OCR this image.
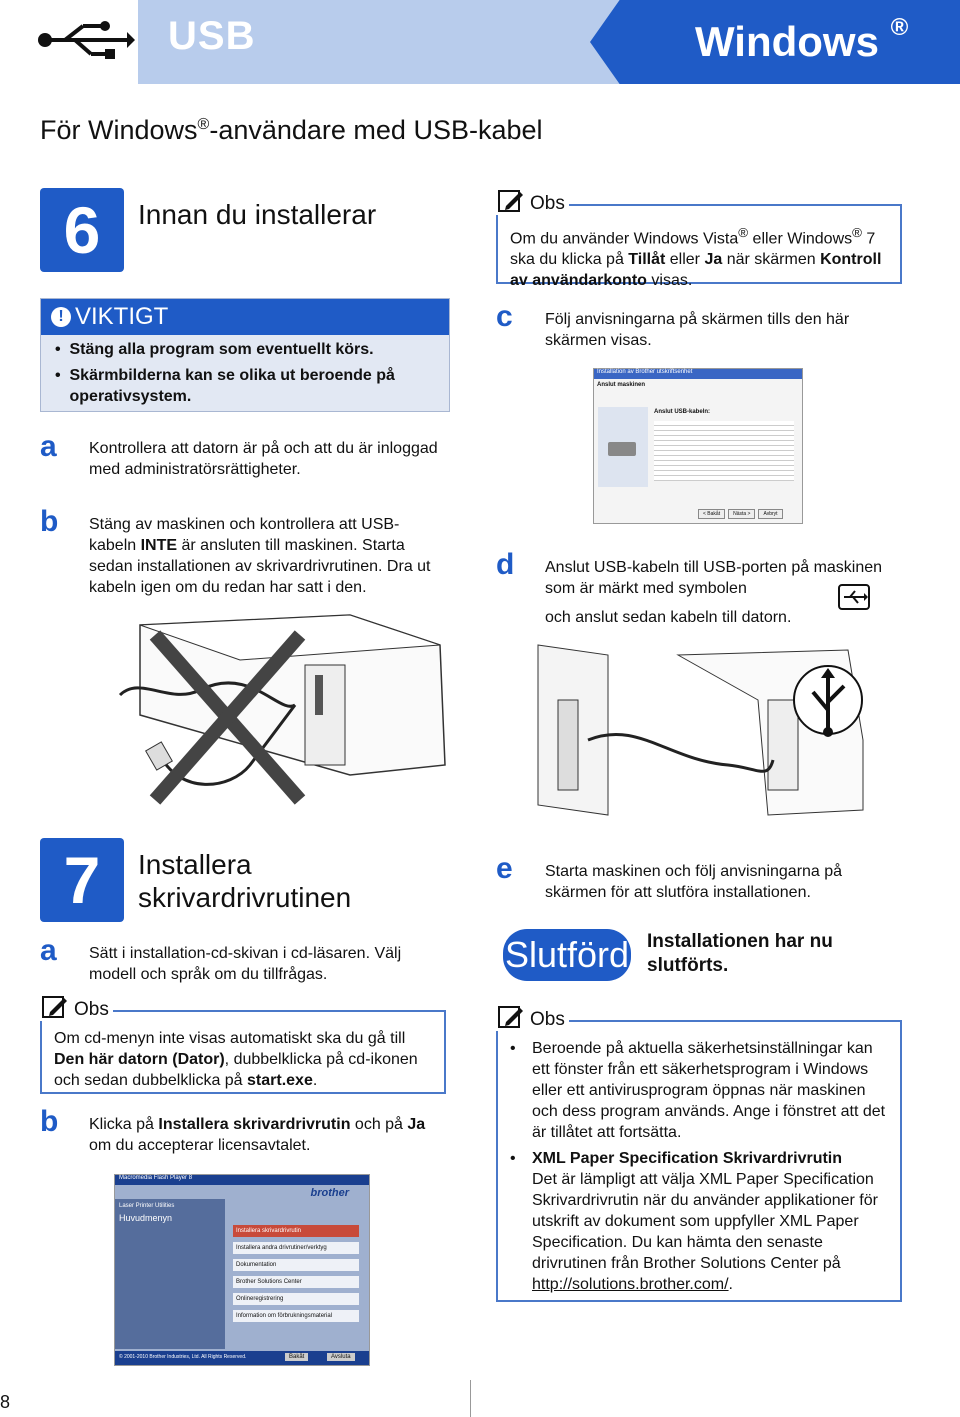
USB	Windows ®
För Windows®-användare med USB-kabel
6	Innan du installerar
! VIKTIGT
•  Stäng alla program som eventuellt körs.
• Skärmbilderna kan se olika ut beroende på operativsystem.
a Kontrollera att datorn är på och att du är inloggad med administratörsrättigheter.
b Stäng av maskinen och kontrollera att USB-kabeln INTE är ansluten till maskinen. Starta sedan installationen av skrivardrivrutinen. Dra ut kabeln igen om du redan har satt i den.
Obs
Om du använder Windows Vista® eller Windows® 7 ska du klicka på Tillåt eller Ja när skärmen Kontroll av användarkonto visas.
c Följ anvisningarna på skärmen tills den här skärmen visas.
Installation av Brother utskriftsenhet
Anslut maskinen
Anslut USB-kabeln:
< Bakåt	Nästa >	Avbryt
d Anslut USB-kabeln till USB-porten på maskinen som är märkt med symbolen
och anslut sedan kabeln till datorn.
7	Installera skrivardrivrutinen
a Sätt i installation-cd-skivan i cd-läsaren. Välj modell och språk om du tillfrågas.
Obs
Om cd-menyn inte visas automatiskt ska du gå till Den här datorn (Dator), dubbelklicka på cd-ikonen och sedan dubbelklicka på start.exe.
b Klicka på Installera skrivardrivrutin och på Ja om du accepterar licensavtalet.
Macromedia Flash Player 8
brother
Laser Printer Utilities
Huvudmenyn
Installera skrivardrivrutin
Installera andra drivrutiner/verktyg
Dokumentation
Brother Solutions Center
Onlineregistrering
Information om förbrukningsmaterial
© 2001-2010 Brother Industries, Ltd. All Rights Reserved.	Bakåt	Avsluta
e Starta maskinen och följ anvisningarna på skärmen för att slutföra installationen.
Slutförd Installationen har nu slutförts.
Obs
•	Beroende på aktuella säkerhetsinställningar kan ett fönster från ett säkerhetsprogram i Windows eller ett antivirusprogram öppnas när maskinen och dess program används. Ange i fönstret att det är tillåtet att fortsätta.
•	XML Paper Specification Skrivardrivrutin
Det är lämpligt att välja XML Paper Specification Skrivardrivrutin när du använder applikationer för utskrift av dokument som uppfyller XML Paper Specification. Du kan hämta den senaste drivrutinen från Brother Solutions Center på http://solutions.brother.com/.
8
